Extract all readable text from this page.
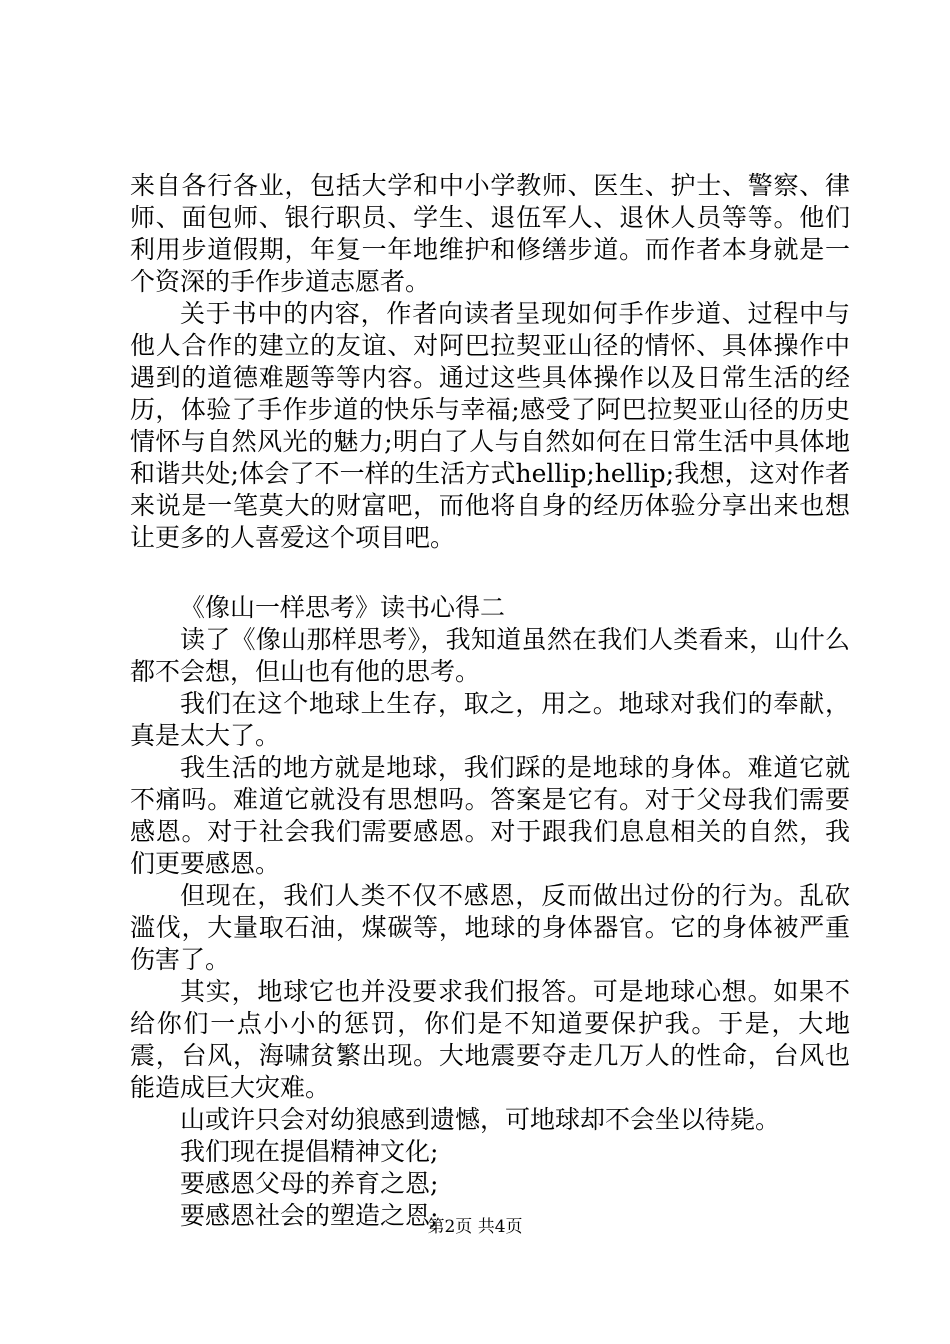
来自各行各业，包括大学和中小学教师、医生、护士、警察、律师、面包师、银行职员、学生、退伍军人、退休人员等等。他们利用步道假期，年复一年地维护和修缮步道。而作者本身就是一个资深的手作步道志愿者。

关于书中的内容，作者向读者呈现如何手作步道、过程中与他人合作的建立的友谊、对阿巴拉契亚山径的情怀、具体操作中遇到的道德难题等等内容。通过这些具体操作以及日常生活的经历，体验了手作步道的快乐与幸福;感受了阿巴拉契亚山径的历史情怀与自然风光的魅力;明白了人与自然如何在日常生活中具体地和谐共处;体会了不一样的生活方式hellip;hellip;我想，这对作者来说是一笔莫大的财富吧，而他将自身的经历体验分享出来也想让更多的人喜爱这个项目吧。

《像山一样思考》读书心得二

读了《像山那样思考》，我知道虽然在我们人类看来，山什么都不会想，但山也有他的思考。

我们在这个地球上生存，取之，用之。地球对我们的奉献，真是太大了。

我生活的地方就是地球，我们踩的是地球的身体。难道它就不痛吗。难道它就没有思想吗。答案是它有。对于父母我们需要感恩。对于社会我们需要感恩。对于跟我们息息相关的自然，我们更要感恩。

但现在，我们人类不仅不感恩，反而做出过份的行为。乱砍滥伐，大量取石油，煤碳等，地球的身体器官。它的身体被严重伤害了。

其实，地球它也并没要求我们报答。可是地球心想。如果不给你们一点小小的惩罚，你们是不知道要保护我。于是，大地震，台风，海啸贫繁出现。大地震要夺走几万人的性命，台风也能造成巨大灾难。

山或许只会对幼狼感到遗憾，可地球却不会坐以待毙。

我们现在提倡精神文化;

要感恩父母的养育之恩;

要感恩社会的塑造之恩;

第2页 共4页
